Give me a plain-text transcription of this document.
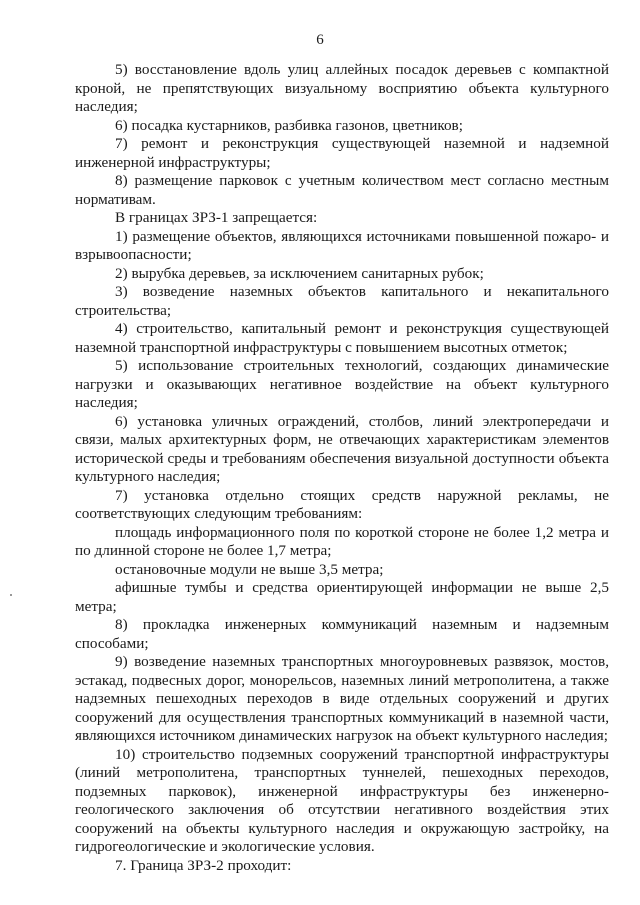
6

5) восстановление вдоль улиц аллейных посадок деревьев с компактной кроной, не препятствующих визуальному восприятию объекта культурного наследия;

6) посадка кустарников, разбивка газонов, цветников;

7) ремонт и реконструкция существующей наземной и надземной инженерной инфраструктуры;

8) размещение парковок с учетным количеством мест согласно местным нормативам.

В границах ЗРЗ-1 запрещается:

1) размещение объектов, являющихся источниками повышенной пожаро- и взрывоопасности;

2) вырубка деревьев, за исключением санитарных рубок;

3) возведение наземных объектов капитального и некапитального строительства;

4) строительство, капитальный ремонт и реконструкция существующей наземной транспортной инфраструктуры с повышением высотных отметок;

5) использование строительных технологий, создающих динамические нагрузки и оказывающих негативное воздействие на объект культурного наследия;

6) установка уличных ограждений, столбов, линий электропередачи и связи, малых архитектурных форм, не отвечающих характеристикам элементов исторической среды и требованиям обеспечения визуальной доступности объекта культурного наследия;

7) установка отдельно стоящих средств наружной рекламы, не соответствующих следующим требованиям:

площадь информационного поля по короткой стороне не более 1,2 метра и по длинной стороне не более 1,7 метра;

остановочные модули не выше 3,5 метра;

афишные тумбы и средства ориентирующей информации не выше 2,5 метра;

8) прокладка инженерных коммуникаций наземным и надземным способами;

9) возведение наземных транспортных многоуровневых развязок, мостов, эстакад, подвесных дорог, монорельсов, наземных линий метрополитена, а также надземных пешеходных переходов в виде отдельных сооружений и других сооружений для осуществления транспортных коммуникаций в наземной части, являющихся источником динамических нагрузок на объект культурного наследия;

10) строительство подземных сооружений транспортной инфраструктуры (линий метрополитена, транспортных туннелей, пешеходных переходов, подземных парковок), инженерной инфраструктуры без инженерно-геологического заключения об отсутствии негативного воздействия этих сооружений на объекты культурного наследия и окружающую застройку, на гидрогеологические и экологические условия.

7. Граница ЗРЗ-2 проходит:
